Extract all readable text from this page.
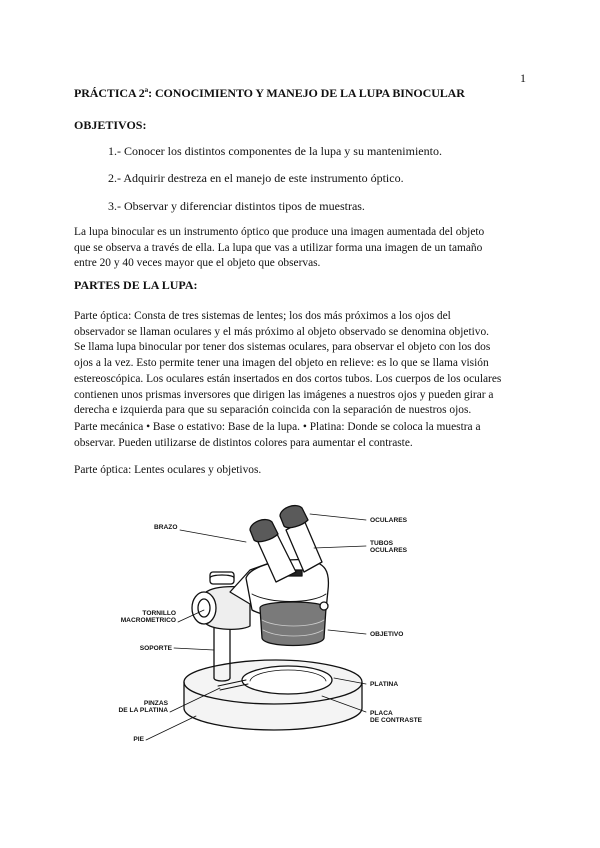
1
PRÁCTICA 2ª: CONOCIMIENTO Y MANEJO DE LA LUPA BINOCULAR
OBJETIVOS:
1.- Conocer los distintos componentes de la lupa y su mantenimiento.
2.- Adquirir destreza en el manejo de este instrumento óptico.
3.- Observar y diferenciar distintos tipos de muestras.
La lupa binocular es un instrumento óptico que produce una imagen aumentada del objeto
que se observa a través de ella. La lupa que vas a utilizar forma una imagen de un tamaño
entre 20 y 40 veces mayor que el objeto que observas.
PARTES DE LA LUPA:
Parte óptica: Consta de tres sistemas de lentes; los dos más próximos a los ojos del
observador se llaman oculares y el más próximo al objeto observado se denomina objetivo.
Se llama lupa binocular por tener dos sistemas oculares, para observar el objeto con los dos
ojos a la vez. Esto permite tener una imagen del objeto en relieve: es lo que se llama visión
estereoscópica. Los oculares están insertados en dos cortos tubos. Los cuerpos de los oculares
contienen unos prismas inversores que dirigen las imágenes a nuestros ojos y pueden girar a
derecha e izquierda para que su separación coincida con la separación de nuestros ojos.
Parte mecánica • Base o estativo: Base de la lupa. • Platina: Donde se coloca la muestra a
observar. Pueden utilizarse de distintos colores para aumentar el contraste.
Parte óptica: Lentes oculares y objetivos.
BRAZO
OCULARES
TUBOS
OCULARES
TORNILLO
MACROMETRICO
SOPORTE
OBJETIVO
PLATINA
PINZAS
DE LA PLATINA
PIE
PLACA
DE CONTRASTE
